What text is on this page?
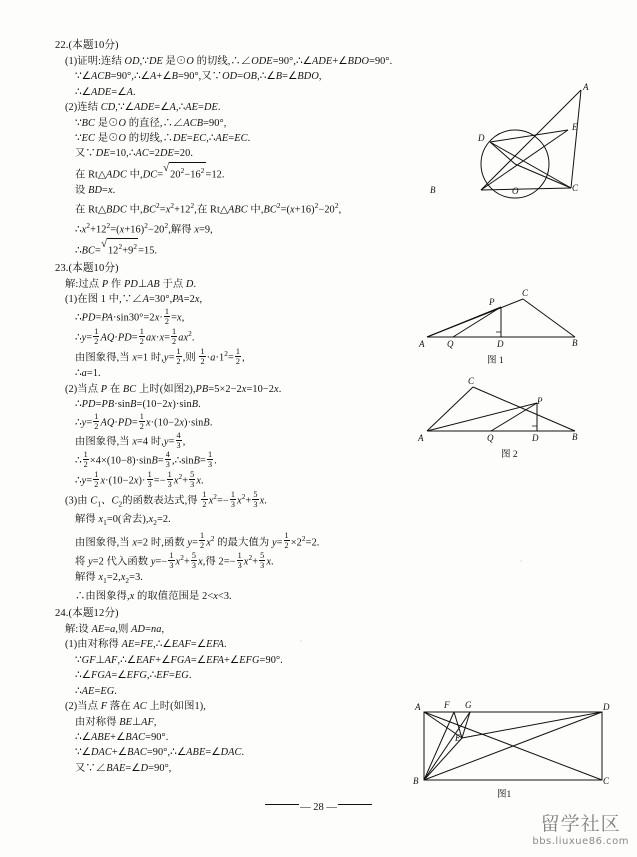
22.(本题10分)
(1)证明:连结 OD,∵DE 是⊙O 的切线,∴∠ODE=90°,∴∠ADE+∠BDO=90°.
∵∠ACB=90°,∴∠A+∠B=90°,又∵OD=OB,∴∠B=∠BDO,
∴∠ADE=∠A.
(2)连结 CD,∵∠ADE=∠A,∴AE=DE.
∵BC 是⊙O 的直径,∴∠ACB=90°,
∵EC 是⊙O 的切线,∴DE=EC,∴AE=EC.
又∵DE=10,∴AC=2DE=20.
在 Rt△ADC 中,DC= √ $20^2-16^2=12$.
设 BD=x.
在 Rt△BDC 中$,BC^2=x^2+12^2$,在 Rt△ABC 中$,BC^2=(x+16)^2-20^2$,
$\therefore x^2+12^2=(x+16)^2-20^2$,解得 x=9,
∴BC= √ $12^2+9^2=15$.
23.(本题10分)
解:过点 P 作 PD⊥AB 于点 D.
(1)在图 1 中,∵∠A=30°,PA=2x,
∴PD=PA·sin30°=2x· $\frac{1}{2} =x$,
∴y= $\frac{1}{2} AQ\cdot PD= \frac{1}{2} ax\cdot x= \frac{1}{2} ax^2$.
由图象得,当 x=1 时$,y= \frac{1}{2}$ ,则 $\frac{1}{2} \cdot a\cdot 1^2= \frac{1}{2}$ ,
∴a=1.
(2)当点 P 在 BC 上时(如图2),PB=5×2−2x=10−2x.
∴PD=PB·sinB=(10−2x)·sinB.
∴y= $\frac{1}{2} AQ\cdot PD= \frac{1}{2} x\cdot(10-2x)\cdot\sin B$.
由图象得,当 x=4 时$,y= \frac{4}{3}$ ,
∴ $\frac{1}{2} \times 4\times(10-8)\cdot\sin B= \frac{4}{3}$ ,∴sinB= $\frac{1}{3}$ .
∴y= $\frac{1}{2} x\cdot(10-2x)\cdot \frac{1}{3} =- \frac{1}{3} x^2+ \frac{5}{3} x$.
(3)由 $C_1$、$C_2$的函数表达式,得 $\frac{1}{2} x^2=- \frac{1}{3} x^2+ \frac{5}{3} x$.
解得 $x_1=0$(舍去)$,x_2=2$.
由图象得,当 x=2 时,函数 $y= \frac{1}{2} x^2$ 的最大值为 $y= \frac{1}{2} \times 2^2=2$.
将 y=2 代入函数 $y=- \frac{1}{3} x^2+ \frac{5}{3} x$,得 $2=- \frac{1}{3} x^2+ \frac{5}{3} x$.
解得 $x_1=2,x_2=3$.
∴由图象得,x 的取值范围是 2<x<3.
24.(本题12分)
解:设 AE=a,则 AD=na,
(1)由对称得 AE=FE,∴∠EAF=∠EFA.
∵GF⊥AF,∴∠EAF+∠FGA=∠EFA+∠EFG=90°.
∴∠FGA=∠EFG,∴EF=EG.
∴AE=EG.
(2)当点 F 落在 AC 上时(如图1),
由对称得 BE⊥AF,
∴∠ABE+∠BAC=90°.
∵∠DAC+∠BAC=90°,∴∠ABE=∠DAC.
又∵∠BAE=∠D=90°,
A
E
D
B	O	C
P
C
A	Q	D	B
图 1
C
P
A	Q	D	B
图 2
A	F G	D
E
B	C
图1
— 28 —
留学社区
bbs.liuxue86.com
